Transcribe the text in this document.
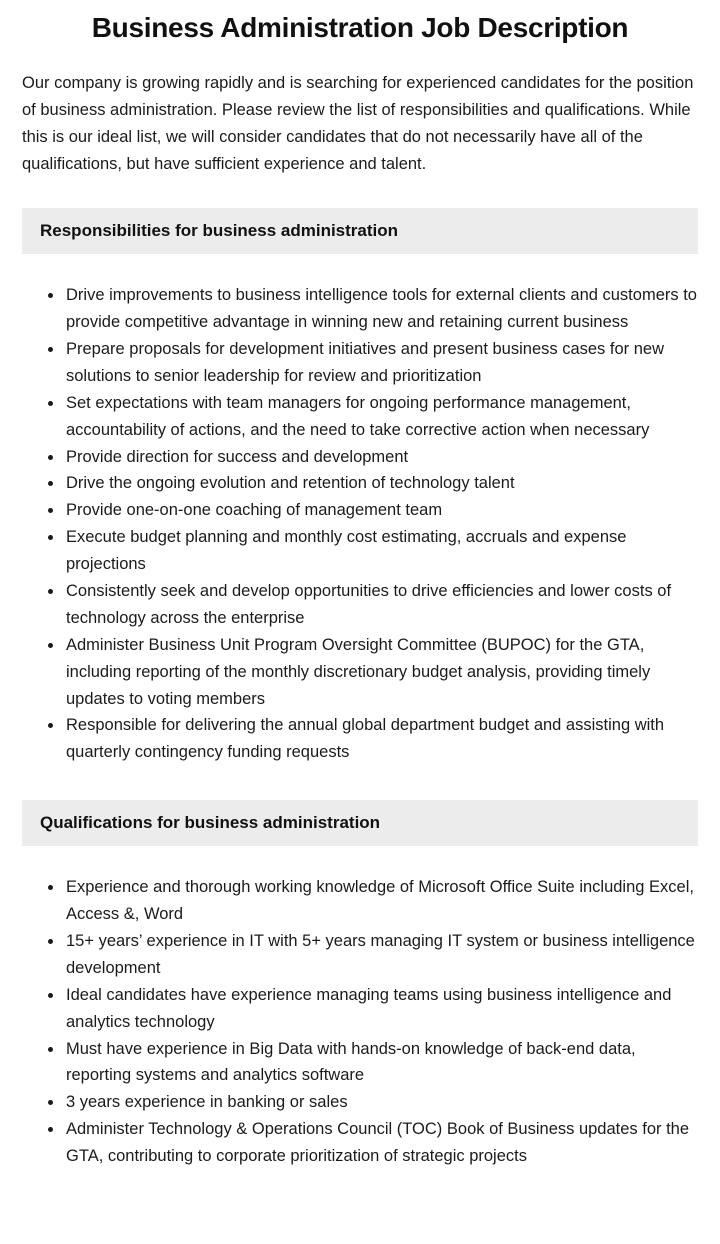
Business Administration Job Description

Our company is growing rapidly and is searching for experienced candidates for the position of business administration. Please review the list of responsibilities and qualifications. While this is our ideal list, we will consider candidates that do not necessarily have all of the qualifications, but have sufficient experience and talent.

Responsibilities for business administration
• Drive improvements to business intelligence tools for external clients and customers to provide competitive advantage in winning new and retaining current business
• Prepare proposals for development initiatives and present business cases for new solutions to senior leadership for review and prioritization
• Set expectations with team managers for ongoing performance management, accountability of actions, and the need to take corrective action when necessary
• Provide direction for success and development
• Drive the ongoing evolution and retention of technology talent
• Provide one-on-one coaching of management team
• Execute budget planning and monthly cost estimating, accruals and expense projections
• Consistently seek and develop opportunities to drive efficiencies and lower costs of technology across the enterprise
• Administer Business Unit Program Oversight Committee (BUPOC) for the GTA, including reporting of the monthly discretionary budget analysis, providing timely updates to voting members
• Responsible for delivering the annual global department budget and assisting with quarterly contingency funding requests
Qualifications for business administration
• Experience and thorough working knowledge of Microsoft Office Suite including Excel, Access &, Word
• 15+ years’ experience in IT with 5+ years managing IT system or business intelligence development
• Ideal candidates have experience managing teams using business intelligence and analytics technology
• Must have experience in Big Data with hands-on knowledge of back-end data, reporting systems and analytics software
• 3 years experience in banking or sales
• Administer Technology & Operations Council (TOC) Book of Business updates for the GTA, contributing to corporate prioritization of strategic projects
